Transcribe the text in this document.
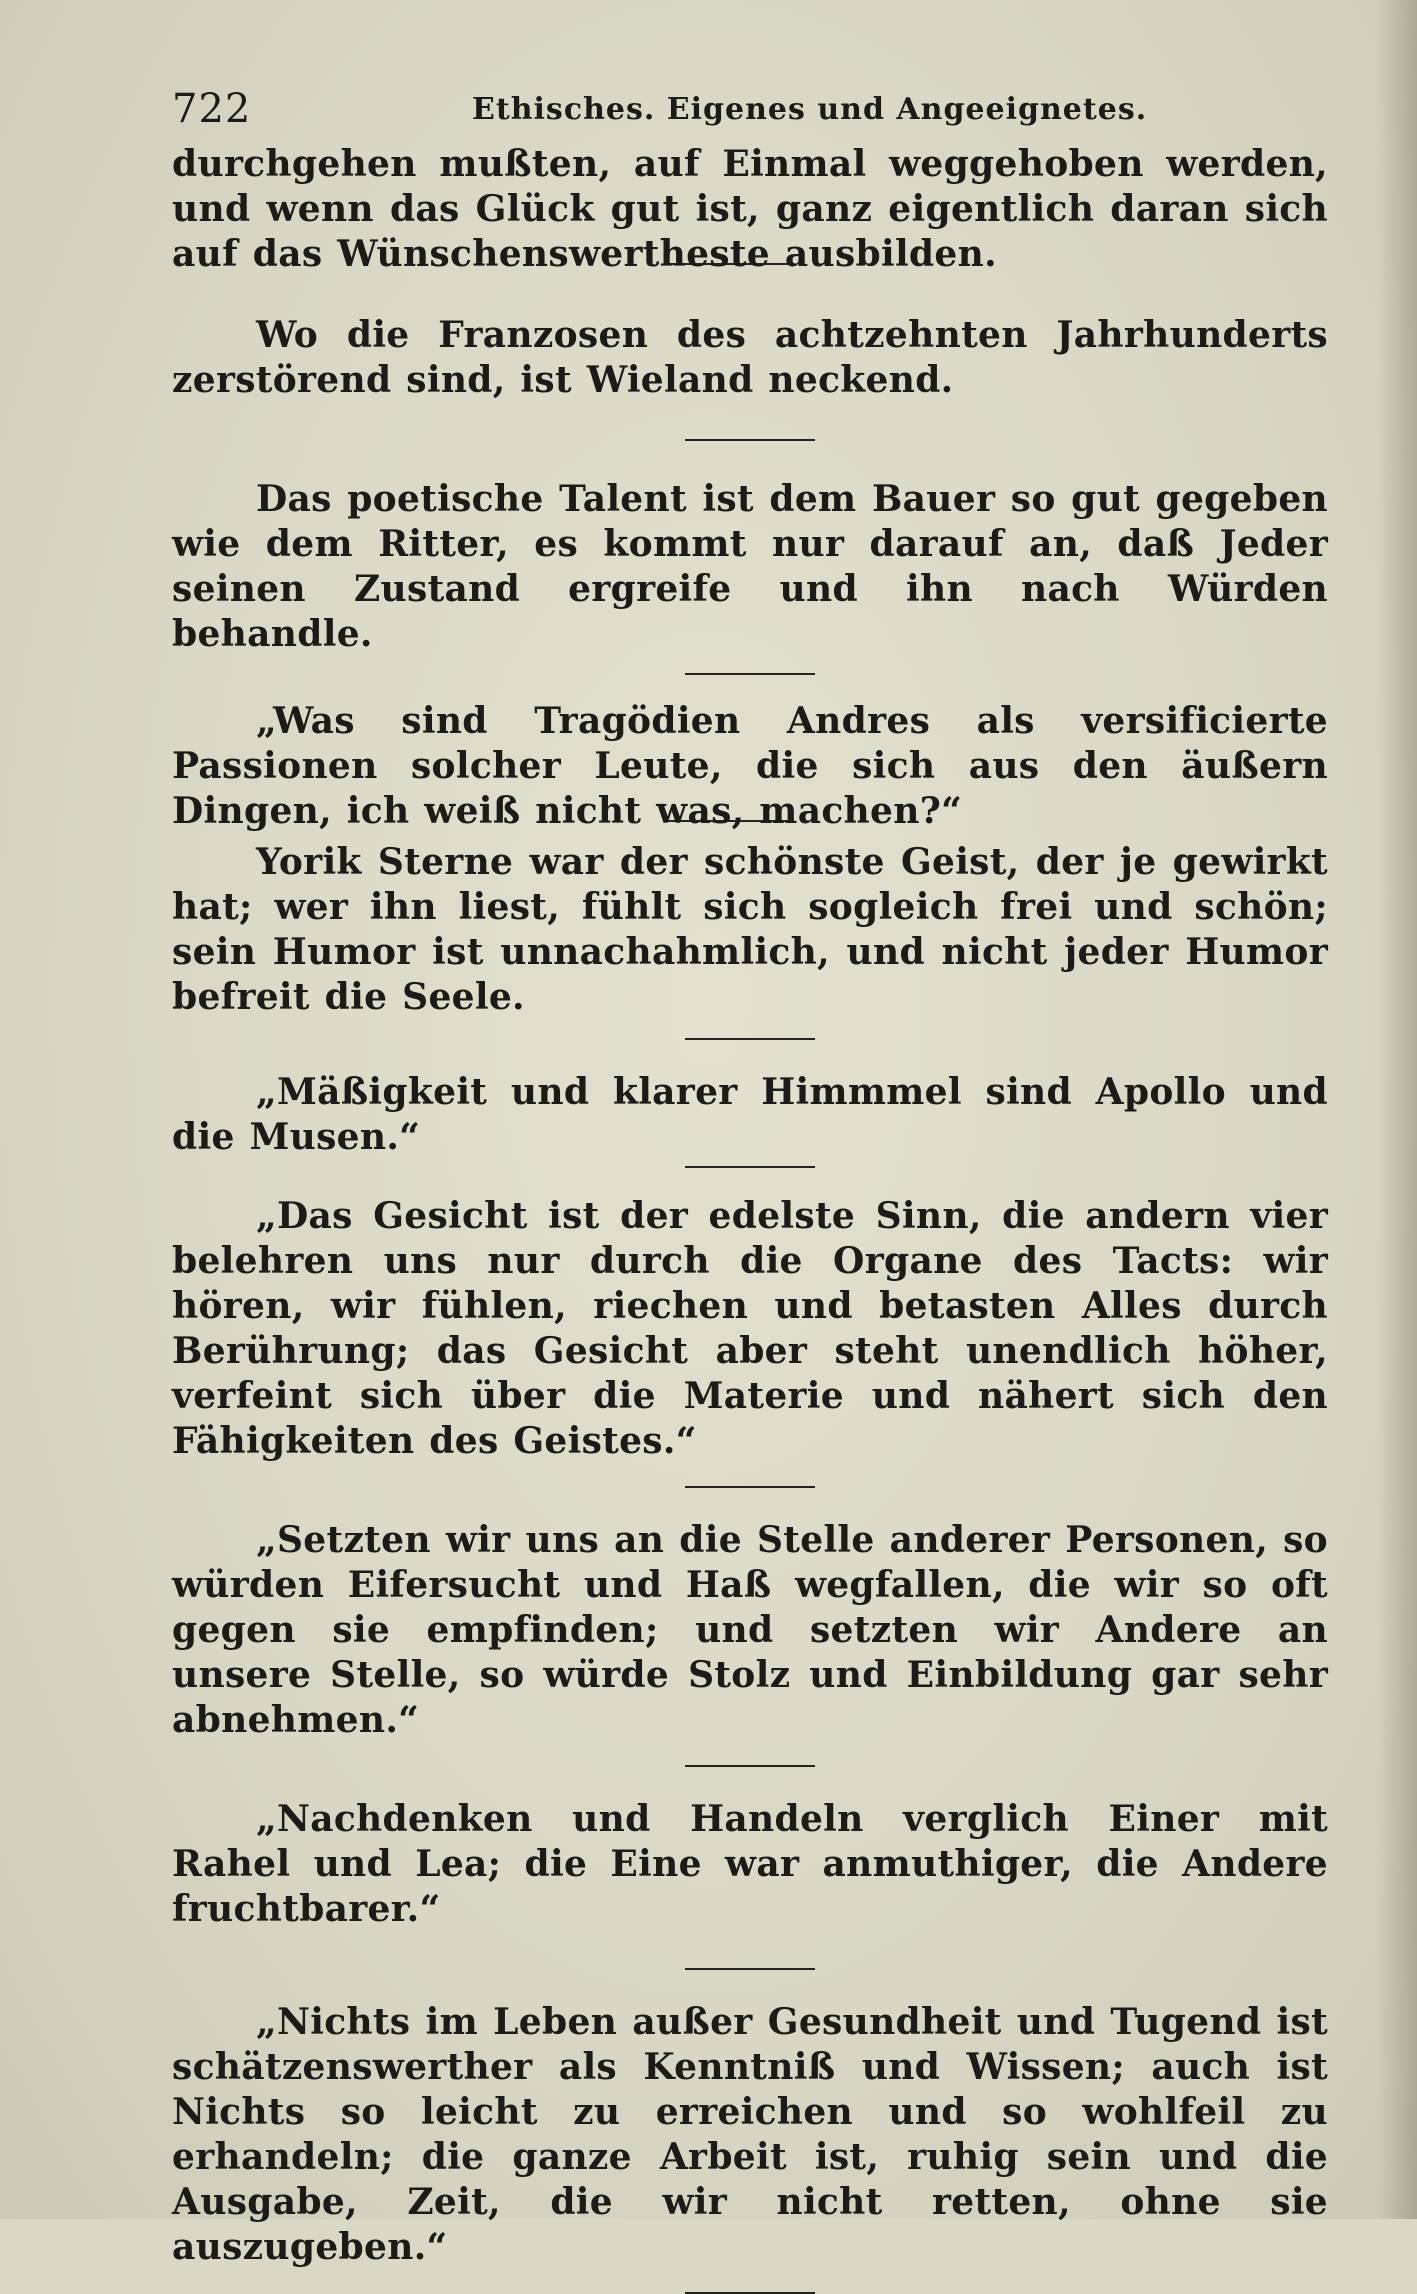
722	Ethisches. Eigenes und Angeeignetes.

durchgehen mußten, auf Einmal weggehoben werden, und wenn das Glück gut ist, ganz eigentlich daran sich auf das Wünschenswertheste ausbilden.

Wo die Franzosen des achtzehnten Jahrhunderts zerstörend sind, ist Wieland neckend.

Das poetische Talent ist dem Bauer so gut gegeben wie dem Ritter, es kommt nur darauf an, daß Jeder seinen Zustand ergreife und ihn nach Würden behandle.

„Was sind Tragödien Andres als versificierte Passionen solcher Leute, die sich aus den äußern Dingen, ich weiß nicht was, machen?“

Yorik Sterne war der schönste Geist, der je gewirkt hat; wer ihn liest, fühlt sich sogleich frei und schön; sein Humor ist unnachahmlich, und nicht jeder Humor befreit die Seele.

„Mäßigkeit und klarer Himmmel sind Apollo und die Musen.“

„Das Gesicht ist der edelste Sinn, die andern vier belehren uns nur durch die Organe des Tacts: wir hören, wir fühlen, riechen und betasten Alles durch Berührung; das Gesicht aber steht unendlich höher, verfeint sich über die Materie und nähert sich den Fähigkeiten des Geistes.“

„Setzten wir uns an die Stelle anderer Personen, so würden Eifersucht und Haß wegfallen, die wir so oft gegen sie empfinden; und setzten wir Andere an unsere Stelle, so würde Stolz und Einbildung gar sehr abnehmen.“

„Nachdenken und Handeln verglich Einer mit Rahel und Lea; die Eine war anmuthiger, die Andere fruchtbarer.“

„Nichts im Leben außer Gesundheit und Tugend ist schätzenswerther als Kenntniß und Wissen; auch ist Nichts so leicht zu erreichen und so wohlfeil zu erhandeln; die ganze Arbeit ist, ruhig sein und die Ausgabe, Zeit, die wir nicht retten, ohne sie auszugeben.“
